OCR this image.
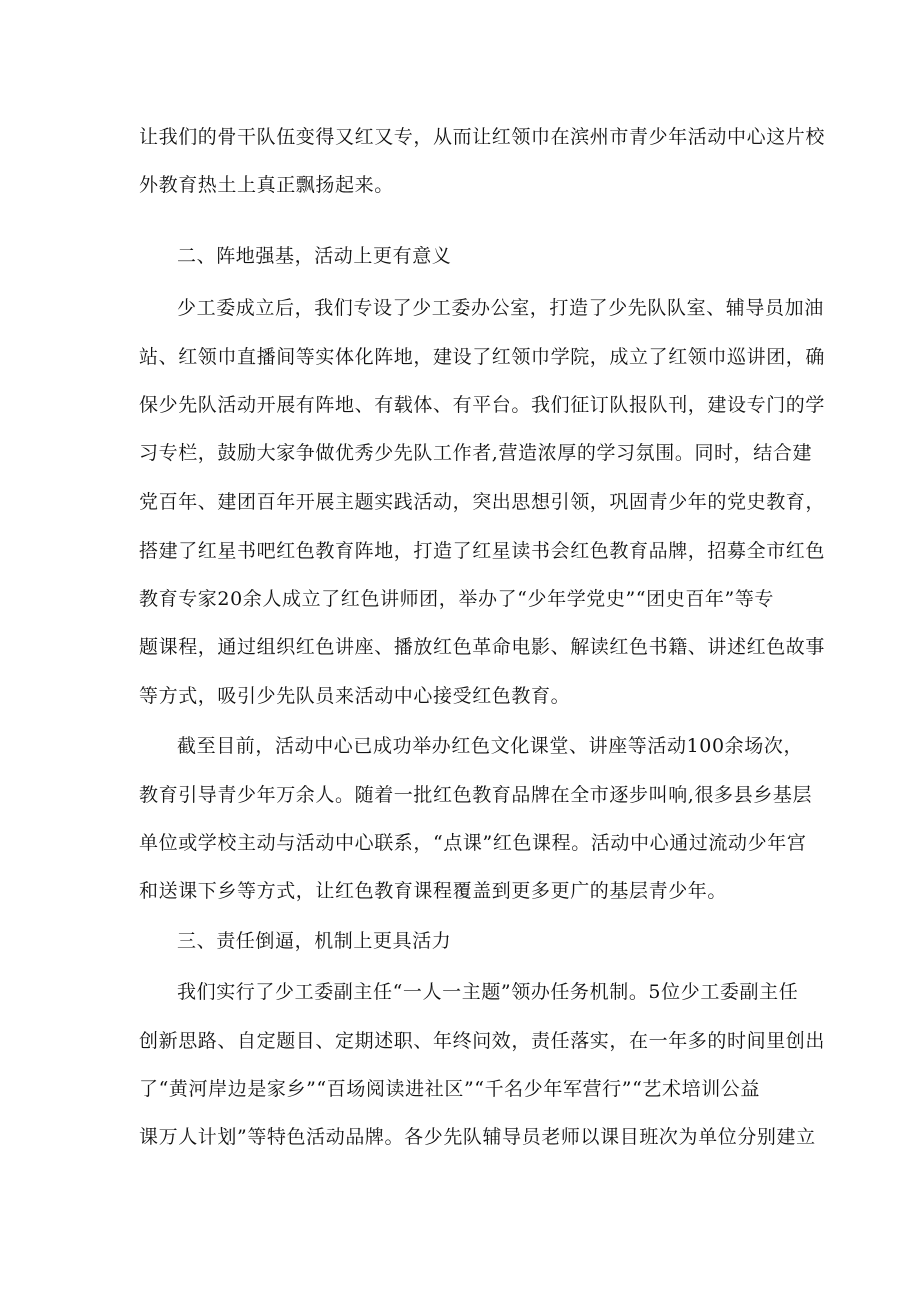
让我们的骨干队伍变得又红又专，从而让红领巾在滨州市青少年活动中心这片校
外教育热土上真正飘扬起来。
二、阵地强基，活动上更有意义
少工委成立后，我们专设了少工委办公室，打造了少先队队室、辅导员加油
站、红领巾直播间等实体化阵地，建设了红领巾学院，成立了红领巾巡讲团，确
保少先队活动开展有阵地、有载体、有平台。我们征订队报队刊，建设专门的学
习专栏，鼓励大家争做优秀少先队工作者,营造浓厚的学习氛围。同时，结合建
党百年、建团百年开展主题实践活动，突出思想引领，巩固青少年的党史教育，
搭建了红星书吧红色教育阵地，打造了红星读书会红色教育品牌，招募全市红色
教育专家20余人成立了红色讲师团，举办了“少年学党史”“团史百年”等专
题课程，通过组织红色讲座、播放红色革命电影、解读红色书籍、讲述红色故事
等方式，吸引少先队员来活动中心接受红色教育。
截至目前，活动中心已成功举办红色文化课堂、讲座等活动100余场次，
教育引导青少年万余人。随着一批红色教育品牌在全市逐步叫响,很多县乡基层
单位或学校主动与活动中心联系，“点课”红色课程。活动中心通过流动少年宫
和送课下乡等方式，让红色教育课程覆盖到更多更广的基层青少年。
三、责任倒逼，机制上更具活力
我们实行了少工委副主任“一人一主题”领办任务机制。5位少工委副主任
创新思路、自定题目、定期述职、年终问效，责任落实，在一年多的时间里创出
了“黄河岸边是家乡”“百场阅读进社区”“千名少年军营行”“艺术培训公益
课万人计划”等特色活动品牌。各少先队辅导员老师以课目班次为单位分别建立
